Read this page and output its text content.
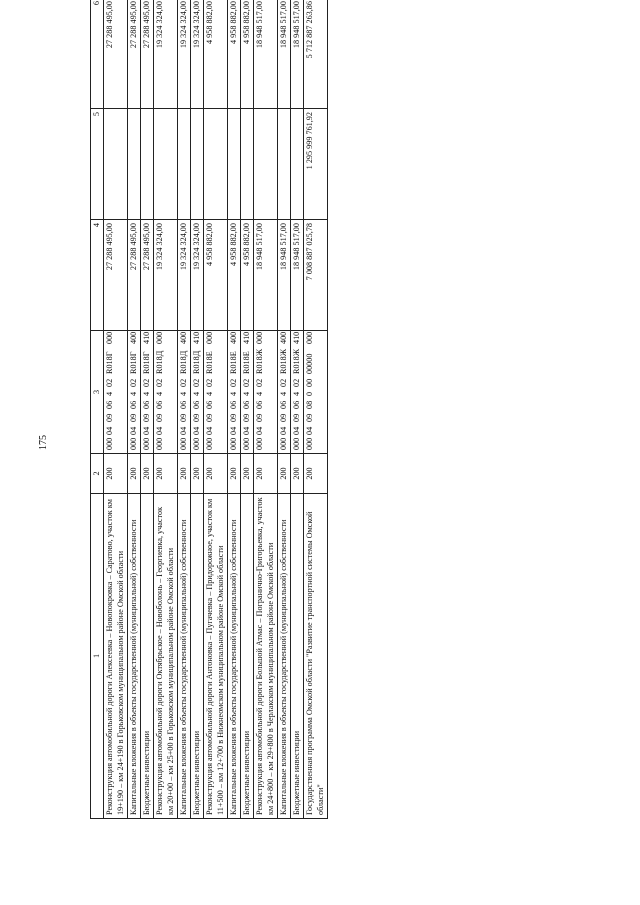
175
1	2	3	4	5	6
Реконструкция автомобильной дороги Алексеевка – Новопокровка – Саратово, участок км 19+190 – км 24+190 в Горьковском муниципальном районе Омской области	200	000040906402R018Г000	27 288 495,00		27 288 495,00
Капитальные вложения в объекты государственной (муниципальной) собственности	200	000040906402R018Г400	27 288 495,00		27 288 495,00
Бюджетные инвестиции	200	000040906402R018Г410	27 288 495,00		27 288 495,00
Реконструкция автомобильной дороги Октябрьское – Новоболонь – Георгиевка, участок км 20+00 – км 25+00 в Горьковском муниципальном районе Омской области	200	000040906402R018Д000	19 324 324,00		19 324 324,00
Капитальные вложения в объекты государственной (муниципальной) собственности	200	000040906402R018Д400	19 324 324,00		19 324 324,00
Бюджетные инвестиции	200	000040906402R018Д410	19 324 324,00		19 324 324,00
Реконструкция автомобильной дороги Антоновка – Пугачевка – Придорожное, участок км 11+500 – км 12+700 в Нижнеомском муниципальном районе Омской области	200	000040906402R018Е000	4 958 882,00		4 958 882,00
Капитальные вложения в объекты государственной (муниципальной) собственности	200	000040906402R018Е400	4 958 882,00		4 958 882,00
Бюджетные инвестиции	200	000040906402R018Е410	4 958 882,00		4 958 882,00
Реконструкция автомобильной дороги Большой Атмас – Погранично-Григорьевка, участок км 24+800 – км 29+800 в Черлакском муниципальном районе Омской области	200	000040906402R018Ж000	18 948 517,00		18 948 517,00
Капитальные вложения в объекты государственной (муниципальной) собственности	200	000040906402R018Ж400	18 948 517,00		18 948 517,00
Бюджетные инвестиции	200	000040906402R018Ж410	18 948 517,00		18 948 517,00
Государственная программа Омской области "Развитие транспортной системы Омской области"	200	00004090800000000000	7 008 887 025,78	1 295 999 761,92	5 712 887 263,86
